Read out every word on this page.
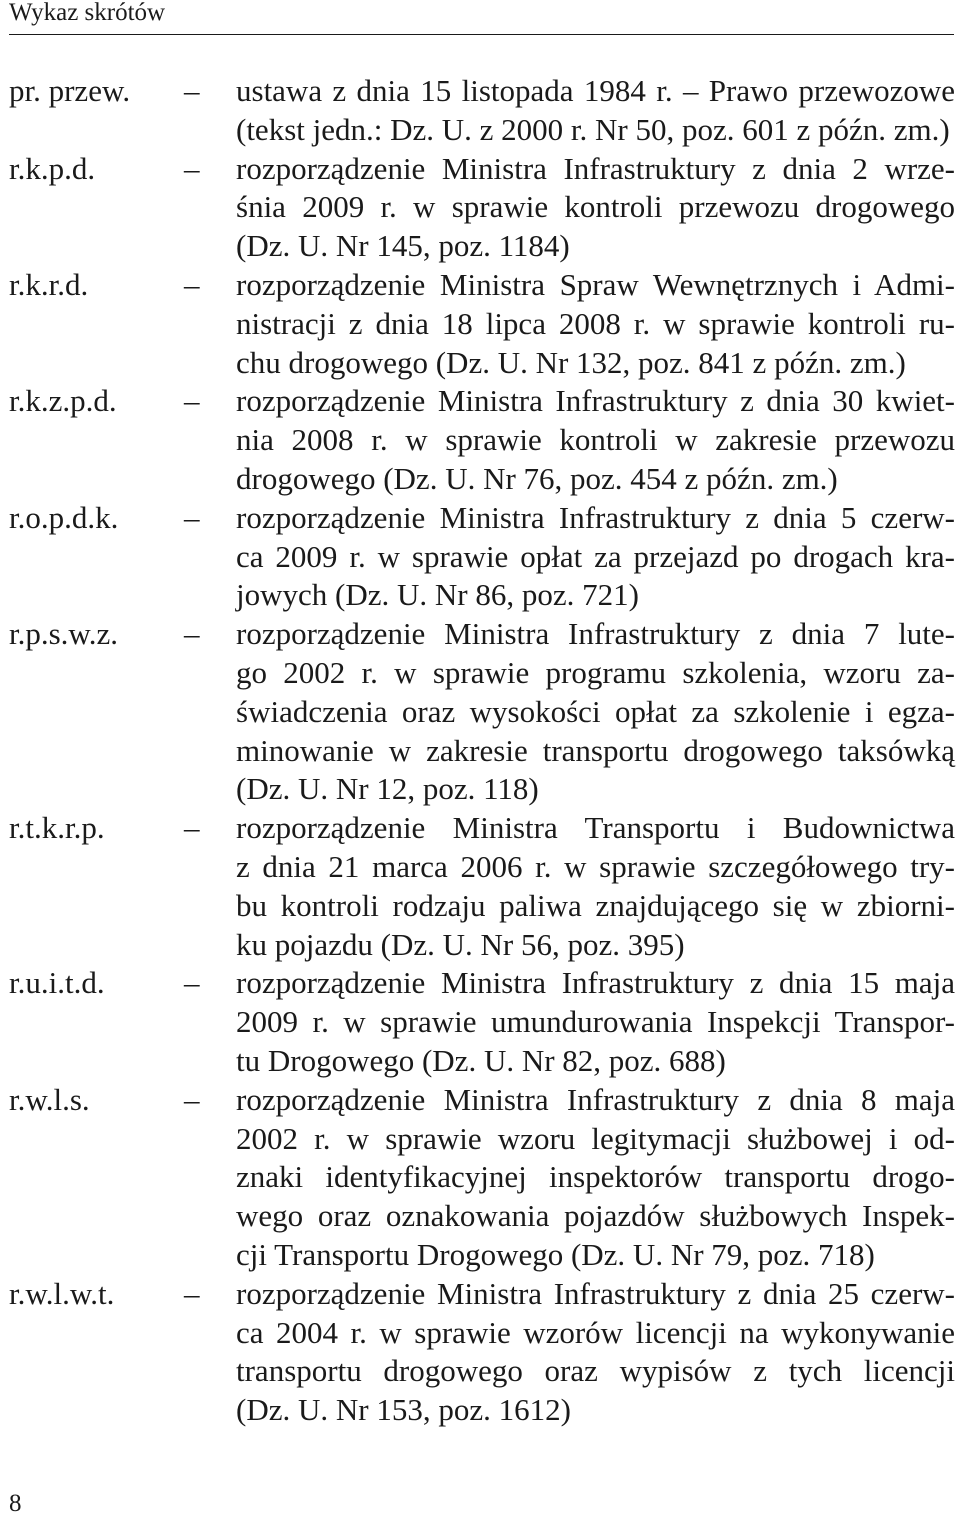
Wykaz skrótów
pr. przew.	–	ustawa z dnia 15 listopada 1984 r. – Prawo przewozowe
(tekst jedn.: Dz. U. z 2000 r. Nr 50, poz. 601 z późn. zm.)
r.k.p.d.	–	rozporządzenie Ministra Infrastruktury z dnia 2 wrze-
śnia 2009 r. w sprawie kontroli przewozu drogowego
(Dz. U. Nr 145, poz. 1184)
r.k.r.d.	–	rozporządzenie Ministra Spraw Wewnętrznych i Admi-
nistracji z dnia 18 lipca 2008 r. w sprawie kontroli ru-
chu drogowego (Dz. U. Nr 132, poz. 841 z późn. zm.)
r.k.z.p.d.	–	rozporządzenie Ministra Infrastruktury z dnia 30 kwiet-
nia 2008 r. w sprawie kontroli w zakresie przewozu
drogowego (Dz. U. Nr 76, poz. 454 z późn. zm.)
r.o.p.d.k.	–	rozporządzenie Ministra Infrastruktury z dnia 5 czerw-
ca 2009 r. w sprawie opłat za przejazd po drogach kra-
jowych (Dz. U. Nr 86, poz. 721)
r.p.s.w.z.	–	rozporządzenie Ministra Infrastruktury z dnia 7 lute-
go 2002 r. w sprawie programu szkolenia, wzoru za-
świadczenia oraz wysokości opłat za szkolenie i egza-
minowanie w zakresie transportu drogowego taksówką
(Dz. U. Nr 12, poz. 118)
r.t.k.r.p.	–	rozporządzenie Ministra Transportu i Budownictwa
z dnia 21 marca 2006 r. w sprawie szczegółowego try-
bu kontroli rodzaju paliwa znajdującego się w zbiorni-
ku pojazdu (Dz. U. Nr 56, poz. 395)
r.u.i.t.d.	–	rozporządzenie Ministra Infrastruktury z dnia 15 maja
2009 r. w sprawie umundurowania Inspekcji Transpor-
tu Drogowego (Dz. U. Nr 82, poz. 688)
r.w.l.s.	–	rozporządzenie Ministra Infrastruktury z dnia 8 maja
2002 r. w sprawie wzoru legitymacji służbowej i od-
znaki identyfikacyjnej inspektorów transportu drogo-
wego oraz oznakowania pojazdów służbowych Inspek-
cji Transportu Drogowego (Dz. U. Nr 79, poz. 718)
r.w.l.w.t.	–	rozporządzenie Ministra Infrastruktury z dnia 25 czerw-
ca 2004 r. w sprawie wzorów licencji na wykonywanie
transportu drogowego oraz wypisów z tych licencji
(Dz. U. Nr 153, poz. 1612)
8
